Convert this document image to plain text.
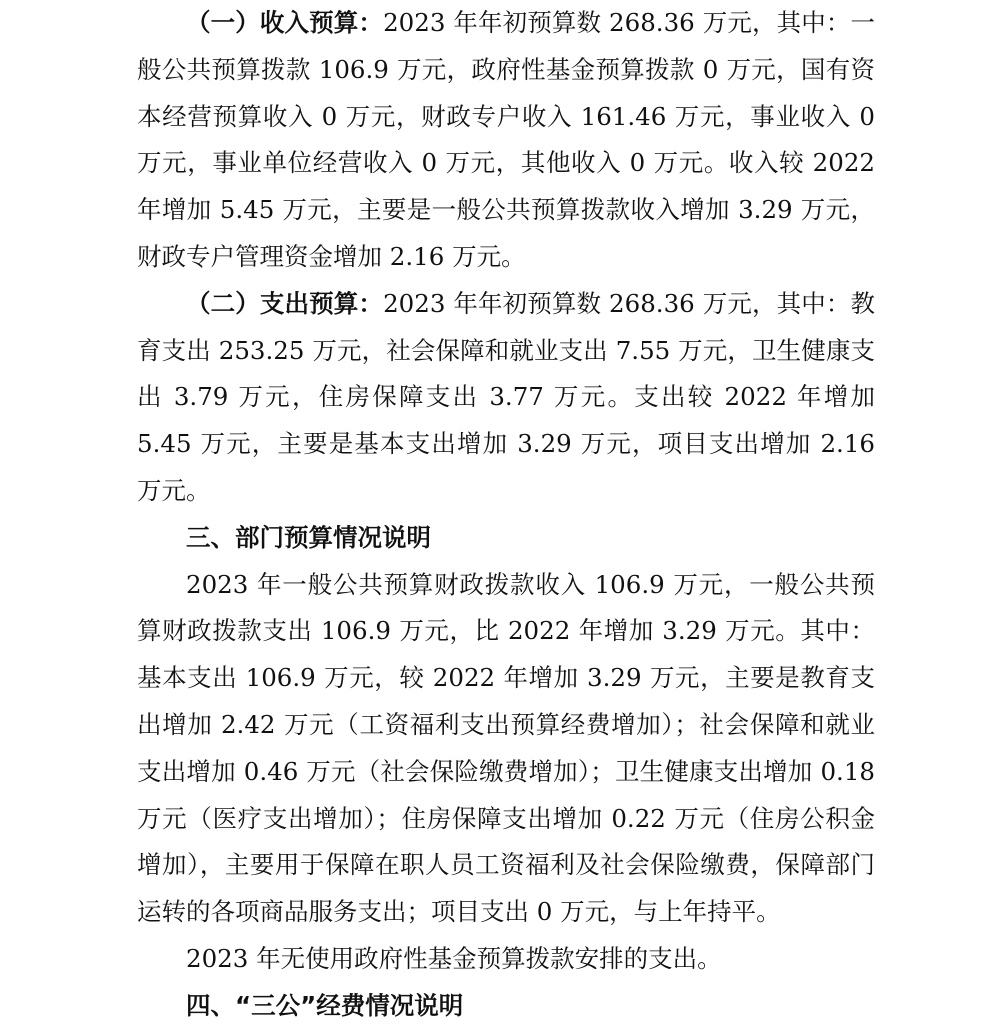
（一）收入预算：2023 年年初预算数 268.36 万元，其中：一般公共预算拨款 106.9 万元，政府性基金预算拨款 0 万元，国有资本经营预算收入 0 万元，财政专户收入 161.46 万元，事业收入 0 万元，事业单位经营收入 0 万元，其他收入 0 万元。收入较 2022 年增加 5.45 万元，主要是一般公共预算拨款收入增加 3.29 万元，财政专户管理资金增加 2.16 万元。

（二）支出预算：2023 年年初预算数 268.36 万元，其中：教育支出 253.25 万元，社会保障和就业支出 7.55 万元，卫生健康支出 3.79 万元，住房保障支出 3.77 万元。支出较 2022 年增加 5.45 万元，主要是基本支出增加 3.29 万元，项目支出增加 2.16 万元。

三、部门预算情况说明

2023 年一般公共预算财政拨款收入 106.9 万元，一般公共预算财政拨款支出 106.9 万元，比 2022 年增加 3.29 万元。其中：基本支出 106.9 万元，较 2022 年增加 3.29 万元，主要是教育支出增加 2.42 万元（工资福利支出预算经费增加）；社会保障和就业支出增加 0.46 万元（社会保险缴费增加）；卫生健康支出增加 0.18 万元（医疗支出增加）；住房保障支出增加 0.22 万元（住房公积金增加），主要用于保障在职人员工资福利及社会保险缴费，保障部门运转的各项商品服务支出；项目支出 0 万元，与上年持平。

2023 年无使用政府性基金预算拨款安排的支出。

四、“三公”经费情况说明
